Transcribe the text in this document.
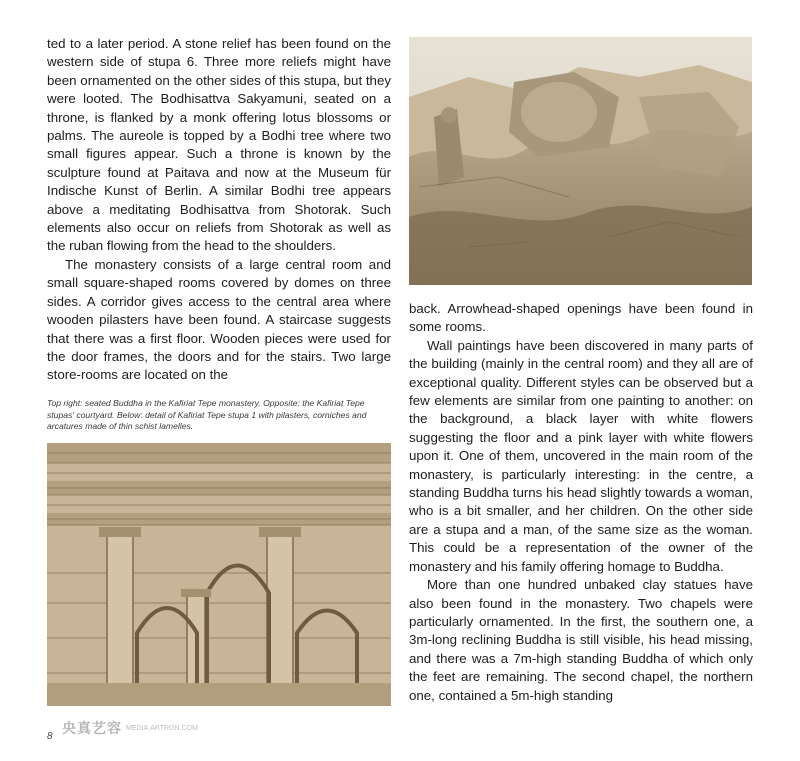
ted to a later period. A stone relief has been found on the western side of stupa 6. Three more reliefs might have been ornamented on the other sides of this stupa, but they were looted. The Bodhisattva Sakyamuni, seated on a throne, is flanked by a monk offering lotus blossoms or palms. The aureole is topped by a Bodhi tree where two small figures appear. Such a throne is known by the sculpture found at Paitava and now at the Museum für Indische Kunst of Berlin. A similar Bodhi tree appears above a meditating Bodhisattva from Shotorak. Such elements also occur on reliefs from Shotorak as well as the ruban flowing from the head to the shoulders.

The monastery consists of a large central room and small square-shaped rooms covered by domes on three sides. A corridor gives access to the central area where wooden pilasters have been found. A staircase suggests that there was a first floor. Wooden pieces were used for the door frames, the doors and for the stairs. Two large store-rooms are located on the

Top right: seated Buddha in the Kafiriat Tepe monastery. Opposite: the Kafiriat Tepe stupas' courtyard. Below: detail of Kafiriat Tepe stupa 1 with pilasters, corniches and arcatures made of thin schist lamelles.

back. Arrowhead-shaped openings have been found in some rooms.

Wall paintings have been discovered in many parts of the building (mainly in the central room) and they all are of exceptional quality. Different styles can be observed but a few elements are similar from one painting to another: on the background, a black layer with white flowers suggesting the floor and a pink layer with white flowers upon it. One of them, uncovered in the main room of the monastery, is particularly interesting: in the centre, a standing Buddha turns his head slightly towards a woman, who is a bit smaller, and her children. On the other side are a stupa and a man, of the same size as the woman. This could be a representation of the owner of the monastery and his family offering homage to Buddha.

More than one hundred unbaked clay statues have also been found in the monastery. Two chapels were particularly ornamented. In the first, the southern one, a 3m-long reclining Buddha is still visible, his head missing, and there was a 7m-high standing Buddha of which only the feet are remaining. The second chapel, the northern one, contained a 5m-high standing

央真艺容 MEDIA.ARTRON.COM
8
